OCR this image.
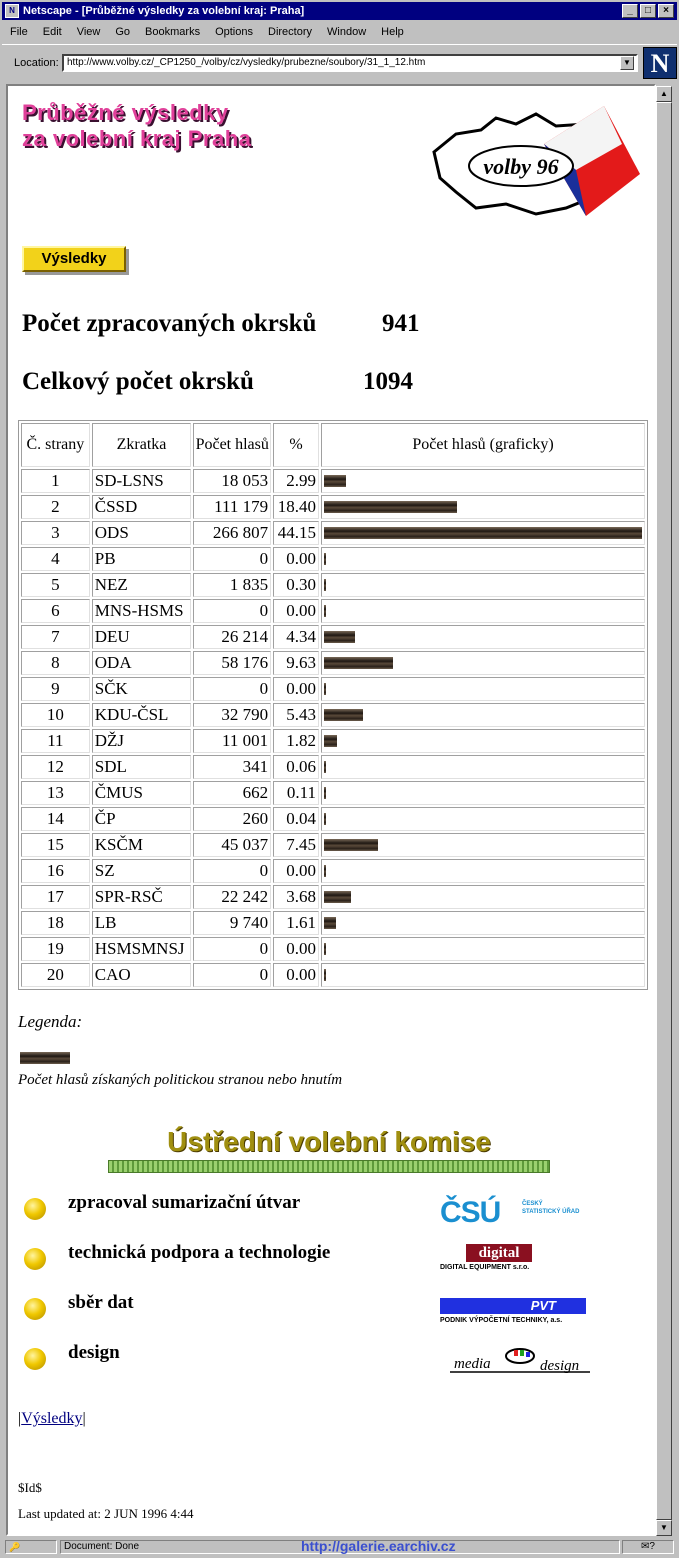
N Netscape - [Průběžné výsledky za volební kraj: Praha]	_	□	×
File Edit View Go Bookmarks Options Directory Window Help
Location: http://www.volby.cz/_CP1250_/volby/cz/vysledky/prubezne/soubory/31_1_12.htm	▼ N
Průběžné výsledky
za volební kraj Praha
volby 96
Výsledky
Počet zpracovaných okrsků	941
Celkový počet okrsků	1094
Č. strany	Zkratka	Počet hlasů	%	Počet hlasů (graficky)
1	SD-LSNS	18 053	2.99	

2	ČSSD	111 179	18.40	

3	ODS	266 807	44.15	

4	PB	0	0.00	

5	NEZ	1 835	0.30	

6	MNS-HSMS	0	0.00	

7	DEU	26 214	4.34	

8	ODA	58 176	9.63	

9	SČK	0	0.00	

10	KDU-ČSL	32 790	5.43	

11	DŽJ	11 001	1.82	

12	SDL	341	0.06	

13	ČMUS	662	0.11	

14	ČP	260	0.04	

15	KSČM	45 037	7.45	

16	SZ	0	0.00	

17	SPR-RSČ	22 242	3.68	

18	LB	9 740	1.61	

19	HSMSMNSJ	0	0.00	

20	CAO	0	0.00	
Legenda:
Počet hlasů získaných politickou stranou nebo hnutím
Ústřední volební komise
zpracoval sumarizační útvar
technická podpora a technologie
sběr dat
design
ČSÚ	ČESKÝ STATISTICKÝ ÚŘAD
digital
DIGITAL EQUIPMENT s.r.o.
PVT
PODNIK VÝPOČETNÍ TECHNIKY, a.s.
media	design
|Výsledky|
$Id$
Last updated at: 2 JUN 1996 4:44
▲
▼
🔑	Document: Done	http://galerie.earchiv.cz	✉?
